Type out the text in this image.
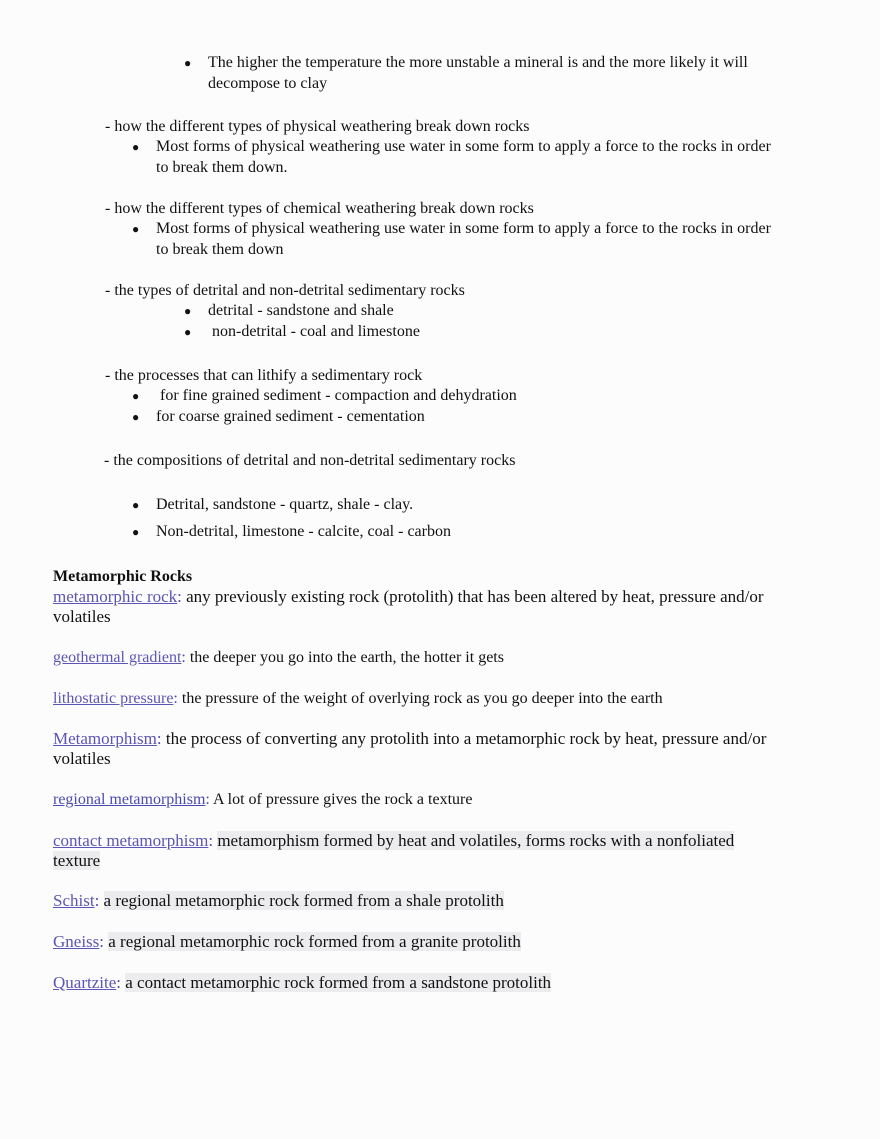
● The higher the temperature the more unstable a mineral is and the more likely it will
decompose to clay
- how the different types of physical weathering break down rocks
● Most forms of physical weathering use water in some form to apply a force to the rocks in order
to break them down.
- how the different types of chemical weathering break down rocks
● Most forms of physical weathering use water in some form to apply a force to the rocks in order
to break them down
- the types of detrital and non-detrital sedimentary rocks
● detrital - sandstone and shale
● non-detrital - coal and limestone
- the processes that can lithify a sedimentary rock
● for fine grained sediment - compaction and dehydration
● for coarse grained sediment - cementation
- the compositions of detrital and non-detrital sedimentary rocks
● Detrital, sandstone - quartz, shale - clay.
● Non-detrital, limestone - calcite, coal - carbon
Metamorphic Rocks
metamorphic rock: any previously existing rock (protolith) that has been altered by heat, pressure and/or
volatiles
geothermal gradient: the deeper you go into the earth, the hotter it gets
lithostatic pressure: the pressure of the weight of overlying rock as you go deeper into the earth
Metamorphism: the process of converting any protolith into a metamorphic rock by heat, pressure and/or
volatiles
regional metamorphism: A lot of pressure gives the rock a texture
contact metamorphism: metamorphism formed by heat and volatiles, forms rocks with a nonfoliated
texture
Schist: a regional metamorphic rock formed from a shale protolith
Gneiss: a regional metamorphic rock formed from a granite protolith
Quartzite: a contact metamorphic rock formed from a sandstone protolith
